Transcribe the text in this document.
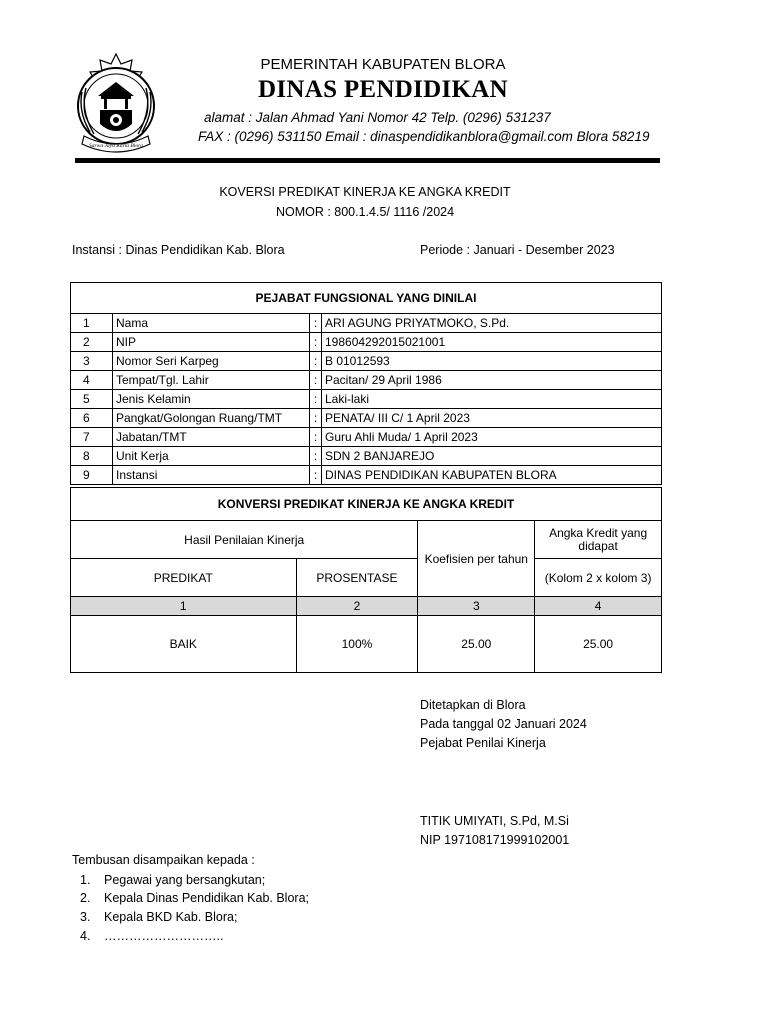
Sarwa Jaya Karta Blora
PEMERINTAH KABUPATEN BLORA
DINAS PENDIDIKAN
alamat : Jalan Ahmad Yani Nomor 42 Telp. (0296) 531237
FAX : (0296) 531150 Email : dinaspendidikanblora@gmail.com Blora 58219
KOVERSI PREDIKAT KINERJA KE ANGKA KREDIT
NOMOR : 800.1.4.5/ 1116 /2024
Instansi : Dinas Pendidikan Kab. Blora	Periode : Januari - Desember 2023
PEJABAT FUNGSIONAL YANG DINILAI			
1	Nama	:	ARI AGUNG PRIYATMOKO, S.Pd.
2	NIP	:	198604292015021001
3	Nomor Seri Karpeg	:	B 01012593
4	Tempat/Tgl. Lahir	:	Pacitan/ 29 April 1986
5	Jenis Kelamin	:	Laki-laki
6	Pangkat/Golongan Ruang/TMT	:	PENATA/ III C/ 1 April 2023
7	Jabatan/TMT	:	Guru Ahli Muda/ 1 April 2023
8	Unit Kerja	:	SDN 2 BANJAREJO
9	Instansi	:	DINAS PENDIDIKAN KABUPATEN BLORA
KONVERSI PREDIKAT KINERJA KE ANGKA KREDIT			
Hasil Penilaian Kinerja		Koefisien per tahun	Angka Kredit yang didapat
PREDIKAT	PROSENTASE		(Kolom 2 x kolom 3)
1	2	3	4
BAIK	100%	25.00	25.00
Ditetapkan di Blora
Pada tanggal 02 Januari 2024
Pejabat Penilai Kinerja
TITIK UMIYATI, S.Pd, M.Si
NIP 197108171999102001
Tembusan disampaikan kepada :
1.	Pegawai yang bersangkutan;
2.	Kepala Dinas Pendidikan Kab. Blora;
3.	Kepala BKD Kab. Blora;
4.	………………………..
